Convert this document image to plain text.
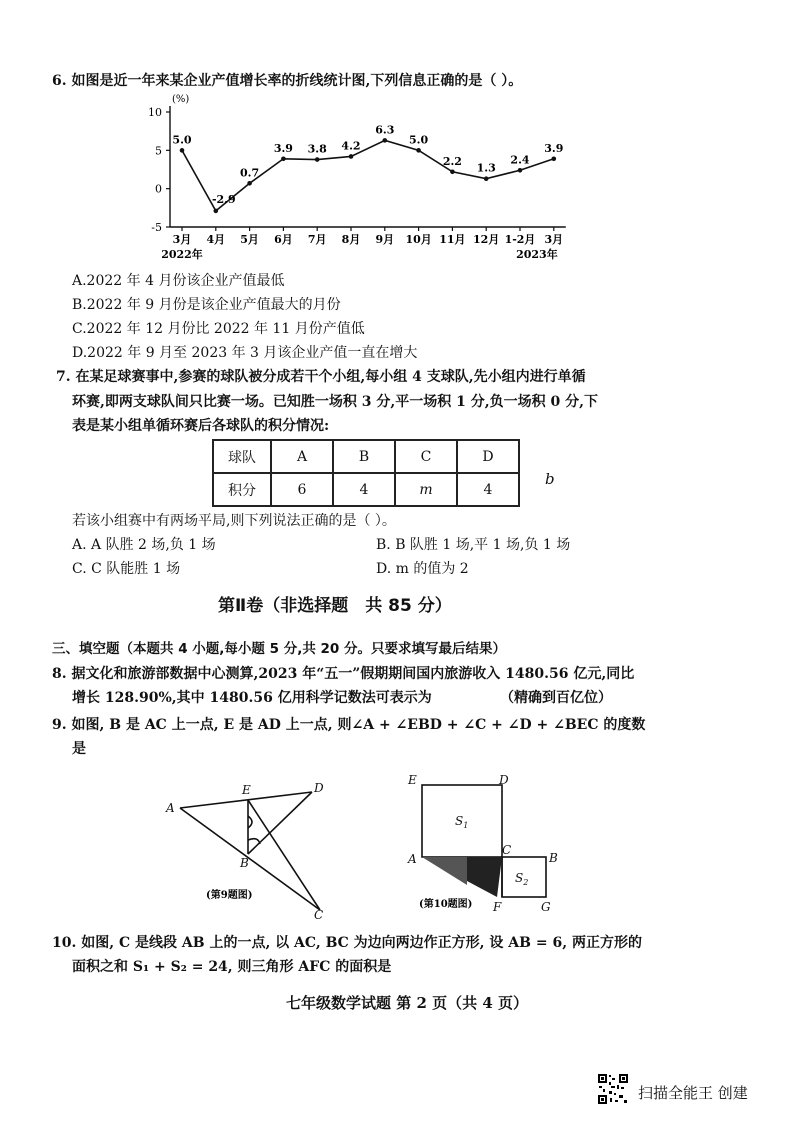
6. 如图是近一年来某企业产值增长率的折线统计图,下列信息正确的是（ ）。
(%)
10
5
0
-5
3月 4月 5月 6月 7月 8月 9月 10月 11月 12月 1-2月 3月
2022年	2023年
5.0
-2.9
0.7
3.9 3.8 4.2
6.3
5.0
2.2
1.3
2.4
3.9
A.2022 年 4 月份该企业产值最低
B.2022 年 9 月份是该企业产值最大的月份
C.2022 年 12 月份比 2022 年 11 月份产值低
D.2022 年 9 月至 2023 年 3 月该企业产值一直在增大
7. 在某足球赛事中,参赛的球队被分成若干个小组,每小组 4 支球队,先小组内进行单循
环赛,即两支球队间只比赛一场。已知胜一场积 3 分,平一场积 1 分,负一场积 0 分,下
表是某小组单循环赛后各球队的积分情况:
球队	A	B	C	D
积分	6	4	m	4
b
若该小组赛中有两场平局,则下列说法正确的是（ ）。
A. A 队胜 2 场,负 1 场	B. B 队胜 1 场,平 1 场,负 1 场
C. C 队能胜 1 场	D. m 的值为 2
第Ⅱ卷（非选择题　共 85 分）
三、填空题（本题共 4 小题,每小题 5 分,共 20 分。只要求填写最后结果）
8. 据文化和旅游部数据中心测算,2023 年“五一”假期期间国内旅游收入 1480.56 亿元,同比
增长 128.90%,其中 1480.56 亿用科学记数法可表示为	（精确到百亿位）
9. 如图, B 是 AC 上一点, E 是 AD 上一点, 则∠A + ∠EBD + ∠C + ∠D + ∠BEC 的度数
是
A
E	D
B
C
(第9题图)
E	D
A
C
B
F	G
$S_1$
$S_2$
(第10题图)
10. 如图, C 是线段 AB 上的一点, 以 AC, BC 为边向两边作正方形, 设 AB = 6, 两正方形的
面积之和 S₁ + S₂ = 24, 则三角形 AFC 的面积是
七年级数学试题 第 2 页（共 4 页）
扫描全能王 创建
